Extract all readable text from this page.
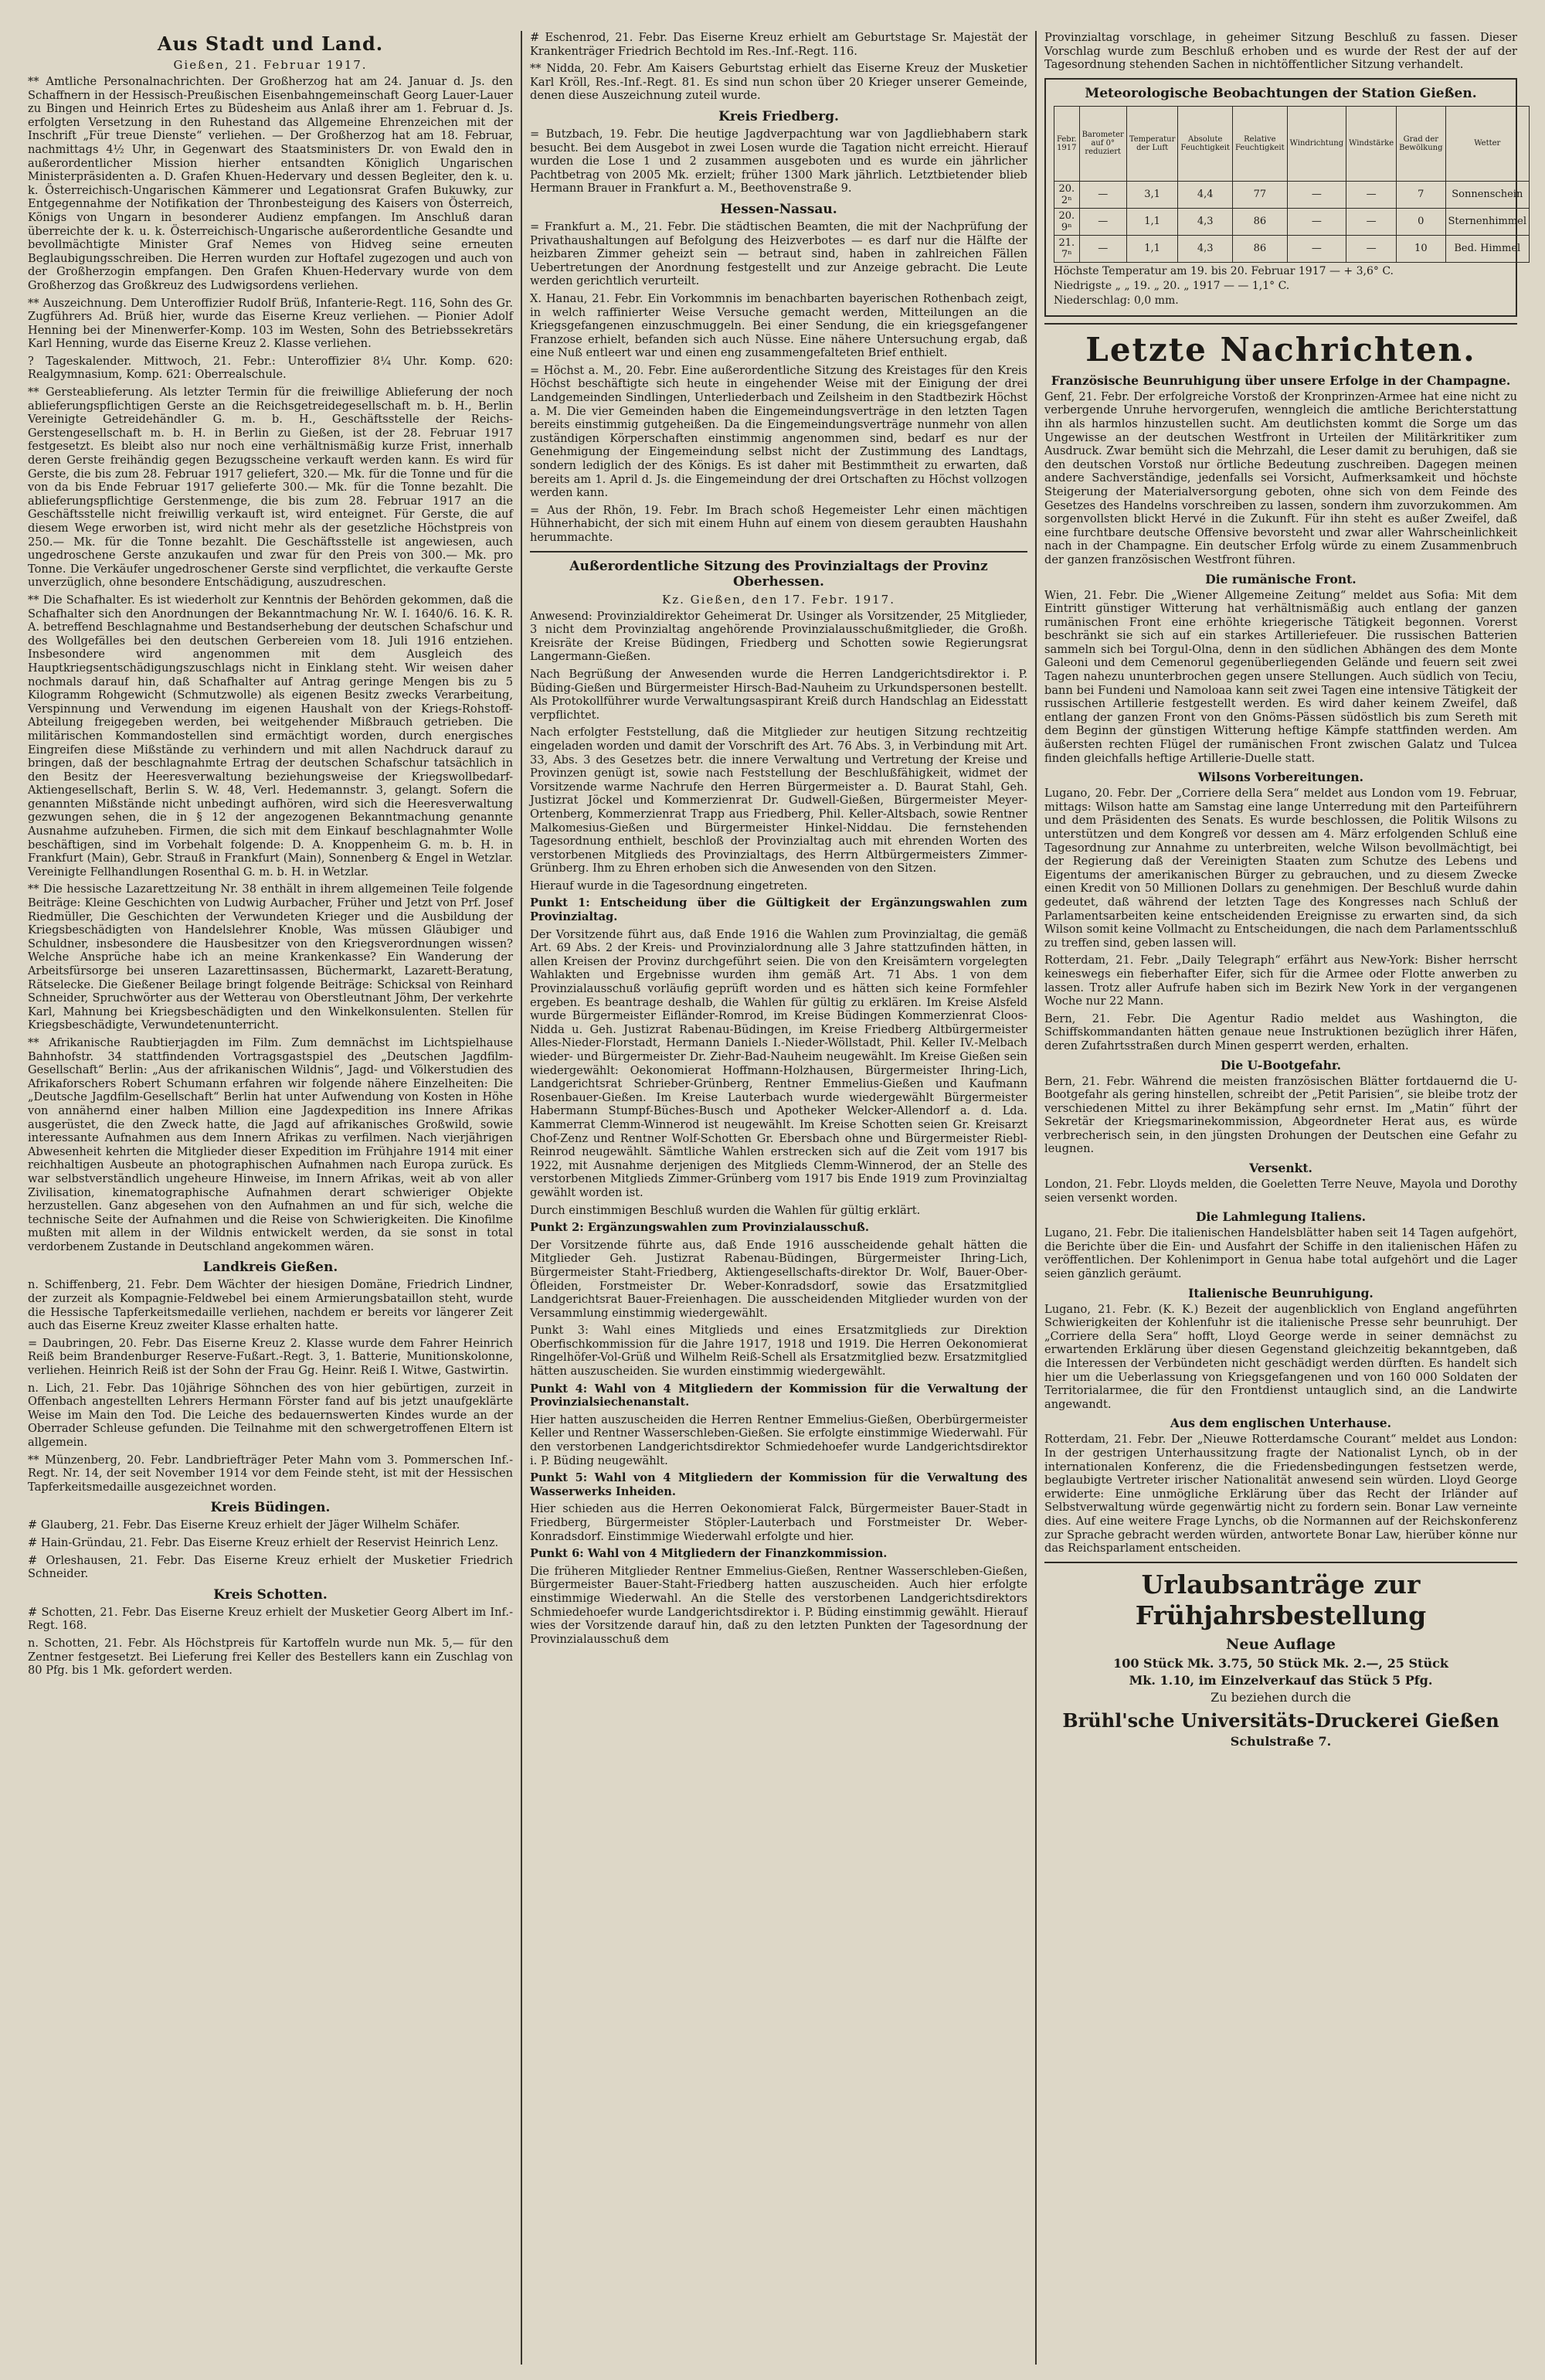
Aus Stadt und Land.
Gießen, 21. Februar 1917.

** Amtliche Personalnachrichten. Der Großherzog hat am 24. Januar d. Js. den Schaffnern in der Hessisch-Preußischen Eisenbahngemeinschaft Georg Lauer-Lauer zu Bingen und Heinrich Ertes zu Büdesheim aus Anlaß ihrer am 1. Februar d. Js. erfolgten Versetzung in den Ruhestand das Allgemeine Ehrenzeichen mit der Inschrift „Für treue Dienste“ verliehen. — Der Großherzog hat am 18. Februar, nachmittags 4½ Uhr, in Gegenwart des Staatsministers Dr. von Ewald den in außerordentlicher Mission hierher entsandten Königlich Ungarischen Ministerpräsidenten a. D. Grafen Khuen-Hedervary und dessen Begleiter, den k. u. k. Österreichisch-Ungarischen Kämmerer und Legationsrat Grafen Bukuwky, zur Entgegennahme der Notifikation der Thronbesteigung des Kaisers von Österreich, Königs von Ungarn in besonderer Audienz empfangen. Im Anschluß daran überreichte der k. u. k. Österreichisch-Ungarische außerordentliche Gesandte und bevollmächtigte Minister Graf Nemes von Hidveg seine erneuten Beglaubigungsschreiben. Die Herren wurden zur Hoftafel zugezogen und auch von der Großherzogin empfangen. Den Grafen Khuen-Hedervary wurde von dem Großherzog das Großkreuz des Ludwigsordens verliehen.

** Auszeichnung. Dem Unteroffizier Rudolf Brüß, Infanterie-Regt. 116, Sohn des Gr. Zugführers Ad. Brüß hier, wurde das Eiserne Kreuz verliehen. — Pionier Adolf Henning bei der Minenwerfer-Komp. 103 im Westen, Sohn des Betriebssekretärs Karl Henning, wurde das Eiserne Kreuz 2. Klasse verliehen.

? Tageskalender. Mittwoch, 21. Febr.: Unteroffizier 8¼ Uhr. Komp. 620: Realgymnasium, Komp. 621: Oberrealschule.

** Gersteablieferung. Als letzter Termin für die freiwillige Ablieferung der noch ablieferungspflichtigen Gerste an die Reichsgetreidegesellschaft m. b. H., Berlin Vereinigte Getreidehändler G. m. b. H., Geschäftsstelle der Reichs-Gerstengesellschaft m. b. H. in Berlin zu Gießen, ist der 28. Februar 1917 festgesetzt. Es bleibt also nur noch eine verhältnismäßig kurze Frist, innerhalb deren Gerste freihändig gegen Bezugsscheine verkauft werden kann. Es wird für Gerste, die bis zum 28. Februar 1917 geliefert, 320.— Mk. für die Tonne und für die von da bis Ende Februar 1917 gelieferte 300.— Mk. für die Tonne bezahlt. Die ablieferungspflichtige Gerstenmenge, die bis zum 28. Februar 1917 an die Geschäftsstelle nicht freiwillig verkauft ist, wird enteignet. Für Gerste, die auf diesem Wege erworben ist, wird nicht mehr als der gesetzliche Höchstpreis von 250.— Mk. für die Tonne bezahlt. Die Geschäftsstelle ist angewiesen, auch ungedroschene Gerste anzukaufen und zwar für den Preis von 300.— Mk. pro Tonne. Die Verkäufer ungedroschener Gerste sind verpflichtet, die verkaufte Gerste unverzüglich, ohne besondere Entschädigung, auszudreschen.

** Die Schafhalter. Es ist wiederholt zur Kenntnis der Behörden gekommen, daß die Schafhalter sich den Anordnungen der Bekanntmachung Nr. W. I. 1640/6. 16. K. R. A. betreffend Beschlagnahme und Bestandserhebung der deutschen Schafschur und des Wollgefälles bei den deutschen Gerbereien vom 18. Juli 1916 entziehen. Insbesondere wird angenommen mit dem Ausgleich des Hauptkriegsentschädigungszuschlags nicht in Einklang steht. Wir weisen daher nochmals darauf hin, daß Schafhalter auf Antrag geringe Mengen bis zu 5 Kilogramm Rohgewicht (Schmutzwolle) als eigenen Besitz zwecks Verarbeitung, Verspinnung und Verwendung im eigenen Haushalt von der Kriegs-Rohstoff-Abteilung freigegeben werden, bei weitgehender Mißbrauch getrieben. Die militärischen Kommandostellen sind ermächtigt worden, durch energisches Eingreifen diese Mißstände zu verhindern und mit allen Nachdruck darauf zu bringen, daß der beschlagnahmte Ertrag der deutschen Schafschur tatsächlich in den Besitz der Heeresverwaltung beziehungsweise der Kriegswollbedarf-Aktiengesellschaft, Berlin S. W. 48, Verl. Hedemannstr. 3, gelangt. Sofern die genannten Mißstände nicht unbedingt aufhören, wird sich die Heeresverwaltung gezwungen sehen, die in § 12 der angezogenen Bekanntmachung genannte Ausnahme aufzuheben. Firmen, die sich mit dem Einkauf beschlagnahmter Wolle beschäftigen, sind im Vorbehalt folgende: D. A. Knoppenheim G. m. b. H. in Frankfurt (Main), Gebr. Strauß in Frankfurt (Main), Sonnenberg & Engel in Wetzlar. Vereinigte Fellhandlungen Rosenthal G. m. b. H. in Wetzlar.

** Die hessische Lazarettzeitung Nr. 38 enthält in ihrem allgemeinen Teile folgende Beiträge: Kleine Geschichten von Ludwig Aurbacher, Früher und Jetzt von Prf. Josef Riedmüller, Die Geschichten der Verwundeten Krieger und die Ausbildung der Kriegsbeschädigten von Handelslehrer Knoble, Was müssen Gläubiger und Schuldner, insbesondere die Hausbesitzer von den Kriegsverordnungen wissen? Welche Ansprüche habe ich an meine Krankenkasse? Ein Wanderung der Arbeitsfürsorge bei unseren Lazarettinsassen, Büchermarkt, Lazarett-Beratung, Rätselecke. Die Gießener Beilage bringt folgende Beiträge: Schicksal von Reinhard Schneider, Spruchwörter aus der Wetterau von Oberstleutnant Jöhm, Der verkehrte Karl, Mahnung bei Kriegsbeschädigten und den Winkelkonsulenten. Stellen für Kriegsbeschädigte, Verwundetenunterricht.

** Afrikanische Raubtierjagden im Film. Zum demnächst im Lichtspielhause Bahnhofstr. 34 stattfindenden Vortragsgastspiel des „Deutschen Jagdfilm-Gesellschaft“ Berlin: „Aus der afrikanischen Wildnis“, Jagd- und Völkerstudien des Afrikaforschers Robert Schumann erfahren wir folgende nähere Einzelheiten: Die „Deutsche Jagdfilm-Gesellschaft“ Berlin hat unter Aufwendung von Kosten in Höhe von annähernd einer halben Million eine Jagdexpedition ins Innere Afrikas ausgerüstet, die den Zweck hatte, die Jagd auf afrikanisches Großwild, sowie interessante Aufnahmen aus dem Innern Afrikas zu verfilmen. Nach vierjährigen Abwesenheit kehrten die Mitglieder dieser Expedition im Frühjahre 1914 mit einer reichhaltigen Ausbeute an photographischen Aufnahmen nach Europa zurück. Es war selbstverständlich ungeheure Hinweise, im Innern Afrikas, weit ab von aller Zivilisation, kinematographische Aufnahmen derart schwieriger Objekte herzustellen. Ganz abgesehen von den Aufnahmen an und für sich, welche die technische Seite der Aufnahmen und die Reise von Schwierigkeiten. Die Kinofilme mußten mit allem in der Wildnis entwickelt werden, da sie sonst in total verdorbenem Zustande in Deutschland angekommen wären.

Landkreis Gießen.

n. Schiffenberg, 21. Febr. Dem Wächter der hiesigen Domäne, Friedrich Lindner, der zurzeit als Kompagnie-Feldwebel bei einem Armierungsbataillon steht, wurde die Hessische Tapferkeitsmedaille verliehen, nachdem er bereits vor längerer Zeit auch das Eiserne Kreuz zweiter Klasse erhalten hatte.

= Daubringen, 20. Febr. Das Eiserne Kreuz 2. Klasse wurde dem Fahrer Heinrich Reiß beim Brandenburger Reserve-Fußart.-Regt. 3, 1. Batterie, Munitionskolonne, verliehen. Heinrich Reiß ist der Sohn der Frau Gg. Heinr. Reiß I. Witwe, Gastwirtin.

n. Lich, 21. Febr. Das 10jährige Söhnchen des von hier gebürtigen, zurzeit in Offenbach angestellten Lehrers Hermann Förster fand auf bis jetzt unaufgeklärte Weise im Main den Tod. Die Leiche des bedauernswerten Kindes wurde an der Oberrader Schleuse gefunden. Die Teilnahme mit den schwergetroffenen Eltern ist allgemein.

** Münzenberg, 20. Febr. Landbriefträger Peter Mahn vom 3. Pommerschen Inf.-Regt. Nr. 14, der seit November 1914 vor dem Feinde steht, ist mit der Hessischen Tapferkeitsmedaille ausgezeichnet worden.

Kreis Büdingen.

# Glauberg, 21. Febr. Das Eiserne Kreuz erhielt der Jäger Wilhelm Schäfer.

# Hain-Gründau, 21. Febr. Das Eiserne Kreuz erhielt der Reservist Heinrich Lenz.

# Orleshausen, 21. Febr. Das Eiserne Kreuz erhielt der Musketier Friedrich Schneider.

Kreis Schotten.

# Schotten, 21. Febr. Das Eiserne Kreuz erhielt der Musketier Georg Albert im Inf.-Regt. 168.

n. Schotten, 21. Febr. Als Höchstpreis für Kartoffeln wurde nun Mk. 5,— für den Zentner festgesetzt. Bei Lieferung frei Keller des Bestellers kann ein Zuschlag von 80 Pfg. bis 1 Mk. gefordert werden.

# Eschenrod, 21. Febr. Das Eiserne Kreuz erhielt am Geburtstage Sr. Majestät der Krankenträger Friedrich Bechtold im Res.-Inf.-Regt. 116.

** Nidda, 20. Febr. Am Kaisers Geburtstag erhielt das Eiserne Kreuz der Musketier Karl Kröll, Res.-Inf.-Regt. 81. Es sind nun schon über 20 Krieger unserer Gemeinde, denen diese Auszeichnung zuteil wurde.

Kreis Friedberg.

= Butzbach, 19. Febr. Die heutige Jagdverpachtung war von Jagdliebhabern stark besucht. Bei dem Ausgebot in zwei Losen wurde die Tagation nicht erreicht. Hierauf wurden die Lose 1 und 2 zusammen ausgeboten und es wurde ein jährlicher Pachtbetrag von 2005 Mk. erzielt; früher 1300 Mark jährlich. Letztbietender blieb Hermann Brauer in Frankfurt a. M., Beethovenstraße 9.

Hessen-Nassau.

= Frankfurt a. M., 21. Febr. Die städtischen Beamten, die mit der Nachprüfung der Privathaushaltungen auf Befolgung des Heizverbotes — es darf nur die Hälfte der heizbaren Zimmer geheizt sein — betraut sind, haben in zahlreichen Fällen Uebertretungen der Anordnung festgestellt und zur Anzeige gebracht. Die Leute werden gerichtlich verurteilt.

X. Hanau, 21. Febr. Ein Vorkommnis im benachbarten bayerischen Rothenbach zeigt, in welch raffinierter Weise Versuche gemacht werden, Mitteilungen an die Kriegsgefangenen einzuschmuggeln. Bei einer Sendung, die ein kriegsgefangener Franzose erhielt, befanden sich auch Nüsse. Eine nähere Untersuchung ergab, daß eine Nuß entleert war und einen eng zusammengefalteten Brief enthielt.

= Höchst a. M., 20. Febr. Eine außerordentliche Sitzung des Kreistages für den Kreis Höchst beschäftigte sich heute in eingehender Weise mit der Einigung der drei Landgemeinden Sindlingen, Unterliederbach und Zeilsheim in den Stadtbezirk Höchst a. M. Die vier Gemeinden haben die Eingemeindungsverträge in den letzten Tagen bereits einstimmig gutgeheißen. Da die Eingemeindungsverträge nunmehr von allen zuständigen Körperschaften einstimmig angenommen sind, bedarf es nur der Genehmigung der Eingemeindung selbst nicht der Zustimmung des Landtags, sondern lediglich der des Königs. Es ist daher mit Bestimmtheit zu erwarten, daß bereits am 1. April d. Js. die Eingemeindung der drei Ortschaften zu Höchst vollzogen werden kann.

= Aus der Rhön, 19. Febr. Im Brach schoß Hegemeister Lehr einen mächtigen Hühnerhabicht, der sich mit einem Huhn auf einem von diesem geraubten Haushahn herummachte.

Außerordentliche Sitzung des Provinzialtags der Provinz Oberhessen.
Kz. Gießen, den 17. Febr. 1917.

Anwesend: Provinzialdirektor Geheimerat Dr. Usinger als Vorsitzender, 25 Mitglieder, 3 nicht dem Provinzialtag angehörende Provinzialausschußmitglieder, die Großh. Kreisräte der Kreise Büdingen, Friedberg und Schotten sowie Regierungsrat Langermann-Gießen.

Nach Begrüßung der Anwesenden wurde die Herren Landgerichtsdirektor i. P. Büding-Gießen und Bürgermeister Hirsch-Bad-Nauheim zu Urkundspersonen bestellt. Als Protokollführer wurde Verwaltungsaspirant Kreiß durch Handschlag an Eidesstatt verpflichtet.

Nach erfolgter Feststellung, daß die Mitglieder zur heutigen Sitzung rechtzeitig eingeladen worden und damit der Vorschrift des Art. 76 Abs. 3, in Verbindung mit Art. 33, Abs. 3 des Gesetzes betr. die innere Verwaltung und Vertretung der Kreise und Provinzen genügt ist, sowie nach Feststellung der Beschlußfähigkeit, widmet der Vorsitzende warme Nachrufe den Herren Bürgermeister a. D. Baurat Stahl, Geh. Justizrat Jöckel und Kommerzienrat Dr. Gudwell-Gießen, Bürgermeister Meyer-Ortenberg, Kommerzienrat Trapp aus Friedberg, Phil. Keller-Altsbach, sowie Rentner Malkomesius-Gießen und Bürgermeister Hinkel-Niddau. Die fernstehenden Tagesordnung enthielt, beschloß der Provinzialtag auch mit ehrenden Worten des verstorbenen Mitglieds des Provinzialtags, des Herrn Altbürgermeisters Zimmer-Grünberg. Ihm zu Ehren erhoben sich die Anwesenden von den Sitzen.

Hierauf wurde in die Tagesordnung eingetreten.

Punkt 1: Entscheidung über die Gültigkeit der Ergänzungswahlen zum Provinzialtag.

Der Vorsitzende führt aus, daß Ende 1916 die Wahlen zum Provinzialtag, die gemäß Art. 69 Abs. 2 der Kreis- und Provinzialordnung alle 3 Jahre stattzufinden hätten, in allen Kreisen der Provinz durchgeführt seien. Die von den Kreisämtern vorgelegten Wahlakten und Ergebnisse wurden ihm gemäß Art. 71 Abs. 1 von dem Provinzialausschuß vorläufig geprüft worden und es hätten sich keine Formfehler ergeben. Es beantrage deshalb, die Wahlen für gültig zu erklären. Im Kreise Alsfeld wurde Bürgermeister Eifländer-Romrod, im Kreise Büdingen Kommerzienrat Cloos-Nidda u. Geh. Justizrat Rabenau-Büdingen, im Kreise Friedberg Altbürgermeister Alles-Nieder-Florstadt, Hermann Daniels I.-Nieder-Wöllstadt, Phil. Keller IV.-Melbach wieder- und Bürgermeister Dr. Ziehr-Bad-Nauheim neugewählt. Im Kreise Gießen sein wiedergewählt: Oekonomierat Hoffmann-Holzhausen, Bürgermeister Ihring-Lich, Landgerichtsrat Schrieber-Grünberg, Rentner Emmelius-Gießen und Kaufmann Rosenbauer-Gießen. Im Kreise Lauterbach wurde wiedergewählt Bürgermeister Habermann Stumpf-Büches-Busch und Apotheker Welcker-Allendorf a. d. Lda. Kammerrat Clemm-Winnerod ist neugewählt. Im Kreise Schotten seien Gr. Kreisarzt Chof-Zenz und Rentner Wolf-Schotten Gr. Ebersbach ohne und Bürgermeister Riebl-Reinrod neugewählt. Sämtliche Wahlen erstrecken sich auf die Zeit vom 1917 bis 1922, mit Ausnahme derjenigen des Mitglieds Clemm-Winnerod, der an Stelle des verstorbenen Mitglieds Zimmer-Grünberg vom 1917 bis Ende 1919 zum Provinzialtag gewählt worden ist.

Durch einstimmigen Beschluß wurden die Wahlen für gültig erklärt.

Punkt 2: Ergänzungswahlen zum Provinzialausschuß.

Der Vorsitzende führte aus, daß Ende 1916 ausscheidende gehalt hätten die Mitglieder Geh. Justizrat Rabenau-Büdingen, Bürgermeister Ihring-Lich, Bürgermeister Staht-Friedberg, Aktiengesellschafts-direktor Dr. Wolf, Bauer-Ober-Öfleiden, Forstmeister Dr. Weber-Konradsdorf, sowie das Ersatzmitglied Landgerichtsrat Bauer-Freienhagen. Die ausscheidenden Mitglieder wurden von der Versammlung einstimmig wiedergewählt.

Punkt 3: Wahl eines Mitglieds und eines Ersatzmitglieds zur Direktion Oberfischkommission für die Jahre 1917, 1918 und 1919. Die Herren Oekonomierat Ringelhöfer-Vol-Grüß und Wilhelm Reiß-Schell als Ersatzmitglied bezw. Ersatzmitglied hätten auszuscheiden. Sie wurden einstimmig wiedergewählt.

Punkt 4: Wahl von 4 Mitgliedern der Kommission für die Verwaltung der Provinzialsiechenanstalt.

Hier hatten auszuscheiden die Herren Rentner Emmelius-Gießen, Oberbürgermeister Keller und Rentner Wasserschleben-Gießen. Sie erfolgte einstimmige Wiederwahl. Für den verstorbenen Landgerichtsdirektor Schmiedehoefer wurde Landgerichtsdirektor i. P. Büding neugewählt.

Punkt 5: Wahl von 4 Mitgliedern der Kommission für die Verwaltung des Wasserwerks Inheiden.

Hier schieden aus die Herren Oekonomierat Falck, Bürgermeister Bauer-Stadt in Friedberg, Bürgermeister Stöpler-Lauterbach und Forstmeister Dr. Weber-Konradsdorf. Einstimmige Wiederwahl erfolgte und hier.

Punkt 6: Wahl von 4 Mitgliedern der Finanzkommission.

Die früheren Mitglieder Rentner Emmelius-Gießen, Rentner Wasserschleben-Gießen, Bürgermeister Bauer-Staht-Friedberg hatten auszuscheiden. Auch hier erfolgte einstimmige Wiederwahl. An die Stelle des verstorbenen Landgerichtsdirektors Schmiedehoefer wurde Landgerichtsdirektor i. P. Büding einstimmig gewählt. Hierauf wies der Vorsitzende darauf hin, daß zu den letzten Punkten der Tagesordnung der Provinzialausschuß dem

Provinzialtag vorschlage, in geheimer Sitzung Beschluß zu fassen. Dieser Vorschlag wurde zum Beschluß erhoben und es wurde der Rest der auf der Tagesordnung stehenden Sachen in nichtöffentlicher Sitzung verhandelt.

Meteorologische Beobachtungen der Station Gießen.
Febr. 1917	Barometer auf 0° reduziert	Temperatur der Luft	Absolute Feuchtigkeit	Relative Feuchtigkeit	Windrichtung	Windstärke	Grad der Bewölkung	Wetter
20. 2ⁿ	—	3,1	4,4	77	—	—	7	Sonnenschein
20. 9ⁿ	—	1,1	4,3	86	—	—	0	Sternenhimmel
21. 7ⁿ	—	1,1	4,3	86	—	—	10	Bed. Himmel
Höchste Temperatur am 19. bis 20. Februar 1917 — + 3,6° C.
Niedrigste „ „ 19. „ 20. „ 1917 — — 1,1° C.
Niederschlag: 0,0 mm.
Letzte Nachrichten.
Französische Beunruhigung über unsere Erfolge in der Champagne.

Genf, 21. Febr. Der erfolgreiche Vorstoß der Kronprinzen-Armee hat eine nicht zu verbergende Unruhe hervorgerufen, wenngleich die amtliche Berichterstattung ihn als harmlos hinzustellen sucht. Am deutlichsten kommt die Sorge um das Ungewisse an der deutschen Westfront in Urteilen der Militärkritiker zum Ausdruck. Zwar bemüht sich die Mehrzahl, die Leser damit zu beruhigen, daß sie den deutschen Vorstoß nur örtliche Bedeutung zuschreiben. Dagegen meinen andere Sachverständige, jedenfalls sei Vorsicht, Aufmerksamkeit und höchste Steigerung der Materialversorgung geboten, ohne sich von dem Feinde des Gesetzes des Handelns vorschreiben zu lassen, sondern ihm zuvorzukommen. Am sorgenvollsten blickt Hervé in die Zukunft. Für ihn steht es außer Zweifel, daß eine furchtbare deutsche Offensive bevorsteht und zwar aller Wahrscheinlichkeit nach in der Champagne. Ein deutscher Erfolg würde zu einem Zusammenbruch der ganzen französischen Westfront führen.

Die rumänische Front.

Wien, 21. Febr. Die „Wiener Allgemeine Zeitung“ meldet aus Sofia: Mit dem Eintritt günstiger Witterung hat verhältnismäßig auch entlang der ganzen rumänischen Front eine erhöhte kriegerische Tätigkeit begonnen. Vorerst beschränkt sie sich auf ein starkes Artilleriefeuer. Die russischen Batterien sammeln sich bei Torgul-Olna, denn in den südlichen Abhängen des dem Monte Galeoni und dem Cemenorul gegenüberliegenden Gelände und feuern seit zwei Tagen nahezu ununterbrochen gegen unsere Stellungen. Auch südlich von Teciu, bann bei Fundeni und Namoloaa kann seit zwei Tagen eine intensive Tätigkeit der russischen Artillerie festgestellt werden. Es wird daher keinem Zweifel, daß entlang der ganzen Front von den Gnöms-Pässen südöstlich bis zum Sereth mit dem Beginn der günstigen Witterung heftige Kämpfe stattfinden werden. Am äußersten rechten Flügel der rumänischen Front zwischen Galatz und Tulcea finden gleichfalls heftige Artillerie-Duelle statt.

Wilsons Vorbereitungen.

Lugano, 20. Febr. Der „Corriere della Sera“ meldet aus London vom 19. Februar, mittags: Wilson hatte am Samstag eine lange Unterredung mit den Parteiführern und dem Präsidenten des Senats. Es wurde beschlossen, die Politik Wilsons zu unterstützen und dem Kongreß vor dessen am 4. März erfolgenden Schluß eine Tagesordnung zur Annahme zu unterbreiten, welche Wilson bevollmächtigt, bei der Regierung daß der Vereinigten Staaten zum Schutze des Lebens und Eigentums der amerikanischen Bürger zu gebrauchen, und zu diesem Zwecke einen Kredit von 50 Millionen Dollars zu genehmigen. Der Beschluß wurde dahin gedeutet, daß während der letzten Tage des Kongresses nach Schluß der Parlamentsarbeiten keine entscheidenden Ereignisse zu erwarten sind, da sich Wilson somit keine Vollmacht zu Entscheidungen, die nach dem Parlamentsschluß zu treffen sind, geben lassen will.

Rotterdam, 21. Febr. „Daily Telegraph“ erfährt aus New-York: Bisher herrscht keineswegs ein fieberhafter Eifer, sich für die Armee oder Flotte anwerben zu lassen. Trotz aller Aufrufe haben sich im Bezirk New York in der vergangenen Woche nur 22 Mann.

Bern, 21. Febr. Die Agentur Radio meldet aus Washington, die Schiffskommandanten hätten genaue neue Instruktionen bezüglich ihrer Häfen, deren Zufahrtsstraßen durch Minen gesperrt werden, erhalten.

Die U-Bootgefahr.

Bern, 21. Febr. Während die meisten französischen Blätter fortdauernd die U-Bootgefahr als gering hinstellen, schreibt der „Petit Parisien“, sie bleibe trotz der verschiedenen Mittel zu ihrer Bekämpfung sehr ernst. Im „Matin“ führt der Sekretär der Kriegsmarinekommission, Abgeordneter Herat aus, es würde verbrecherisch sein, in den jüngsten Drohungen der Deutschen eine Gefahr zu leugnen.

Versenkt.

London, 21. Febr. Lloyds melden, die Goeletten Terre Neuve, Mayola und Dorothy seien versenkt worden.

Die Lahmlegung Italiens.

Lugano, 21. Febr. Die italienischen Handelsblätter haben seit 14 Tagen aufgehört, die Berichte über die Ein- und Ausfahrt der Schiffe in den italienischen Häfen zu veröffentlichen. Der Kohlenimport in Genua habe total aufgehört und die Lager seien gänzlich geräumt.

Italienische Beunruhigung.

Lugano, 21. Febr. (K. K.) Bezeit der augenblicklich von England angeführten Schwierigkeiten der Kohlenfuhr ist die italienische Presse sehr beunruhigt. Der „Corriere della Sera“ hofft, Lloyd George werde in seiner demnächst zu erwartenden Erklärung über diesen Gegenstand gleichzeitig bekanntgeben, daß die Interessen der Verbündeten nicht geschädigt werden dürften. Es handelt sich hier um die Ueberlassung von Kriegsgefangenen und von 160 000 Soldaten der Territorialarmee, die für den Frontdienst untauglich sind, an die Landwirte angewandt.

Aus dem englischen Unterhause.

Rotterdam, 21. Febr. Der „Nieuwe Rotterdamsche Courant“ meldet aus London: In der gestrigen Unterhaussitzung fragte der Nationalist Lynch, ob in der internationalen Konferenz, die die Friedensbedingungen festsetzen werde, beglaubigte Vertreter irischer Nationalität anwesend sein würden. Lloyd George erwiderte: Eine unmögliche Erklärung über das Recht der Irländer auf Selbstverwaltung würde gegenwärtig nicht zu fordern sein. Bonar Law verneinte dies. Auf eine weitere Frage Lynchs, ob die Normannen auf der Reichskonferenz zur Sprache gebracht werden würden, antwortete Bonar Law, hierüber könne nur das Reichsparlament entscheiden.

Urlaubsanträge zur Frühjahrsbestellung
Neue Auflage
100 Stück Mk. 3.75, 50 Stück Mk. 2.—, 25 Stück
Mk. 1.10, im Einzelverkauf das Stück 5 Pfg.
Zu beziehen durch die
Brühl'sche Universitäts-Druckerei Gießen
Schulstraße 7.
